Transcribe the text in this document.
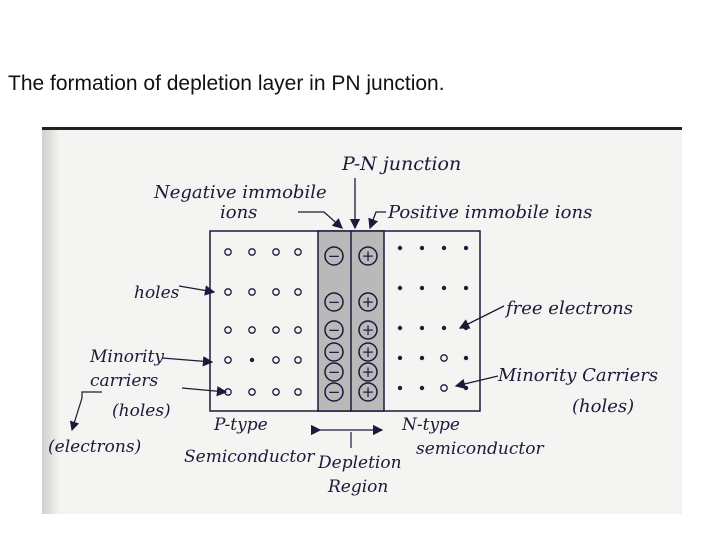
The formation of depletion layer in PN junction.
−
−
−
−
−
−
+
+
+
+
+
+
P-N junction
Negative immobile
ions	Positive immobile ions
holes
free electrons
Minority
carriers
(holes)
(electrons)
Minority Carriers
(holes)
P-type
Semiconductor
N-type
semiconductor
Depletion
Region
